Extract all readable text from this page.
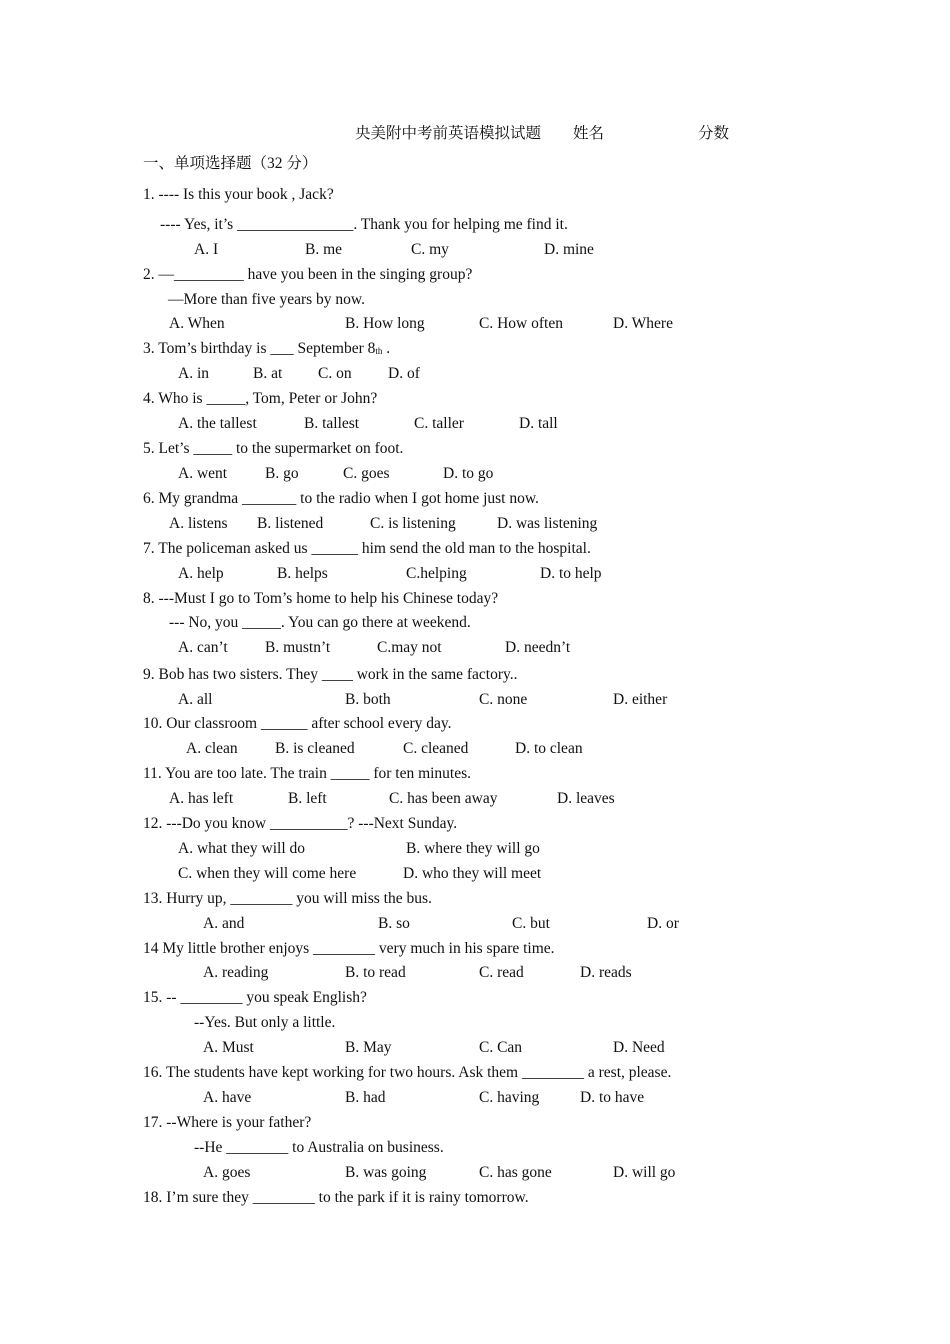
央美附中考前英语模拟试题 姓名	分数
一、单项选择题（32 分）
1. ---- Is this your book , Jack?
---- Yes, it’s _______________. Thank you for helping me find it.
A. I	B. me	C. my	D. mine
2. —_________ have you been in the singing group?
—More than five years by now.
A. When	B. How long	C. How often	D. Where
3. Tom’s birthday is ___ September 8th .
A. in	B. at C. on D. of
4. Who is _____, Tom, Peter or John?
A. the tallest	B. tallest	C. taller	D. tall
5. Let’s _____ to the supermarket on foot.
A. went B. go	C. goes	D. to go
6. My grandma _______ to the radio when I got home just now.
A. listens B. listened	C. is listening	D. was listening
7. The policeman asked us ______ him send the old man to the hospital.
A. help	B. helps	C.helping	D. to help
8. ---Must I go to Tom’s home to help his Chinese today?
--- No, you _____. You can go there at weekend.
A. can’t B. mustn’t	C.may not	D. needn’t
9. Bob has two sisters. They ____ work in the same factory..
A. all	B. both	C. none	D. either
10. Our classroom ______ after school every day.
A. clean B. is cleaned	C. cleaned	D. to clean
11. You are too late. The train _____ for ten minutes.
A. has left	B. left	C. has been away	D. leaves
12. ---Do you know __________? ---Next Sunday.
A. what they will do	B. where they will go
C. when they will come here	D. who they will meet
13. Hurry up, ________ you will miss the bus.
A. and	B. so	C. but	D. or
14 My little brother enjoys ________ very much in his spare time.
A. reading	B. to read	C. read	D. reads
15. -- ________ you speak English?
--Yes. But only a little.
A. Must	B. May	C. Can	D. Need
16. The students have kept working for two hours. Ask them ________ a rest, please.
A. have	B. had	C. having	D. to have
17. --Where is your father?
--He ________ to Australia on business.
A. goes	B. was going	C. has gone	D. will go
18. I’m sure they ________ to the park if it is rainy tomorrow.
